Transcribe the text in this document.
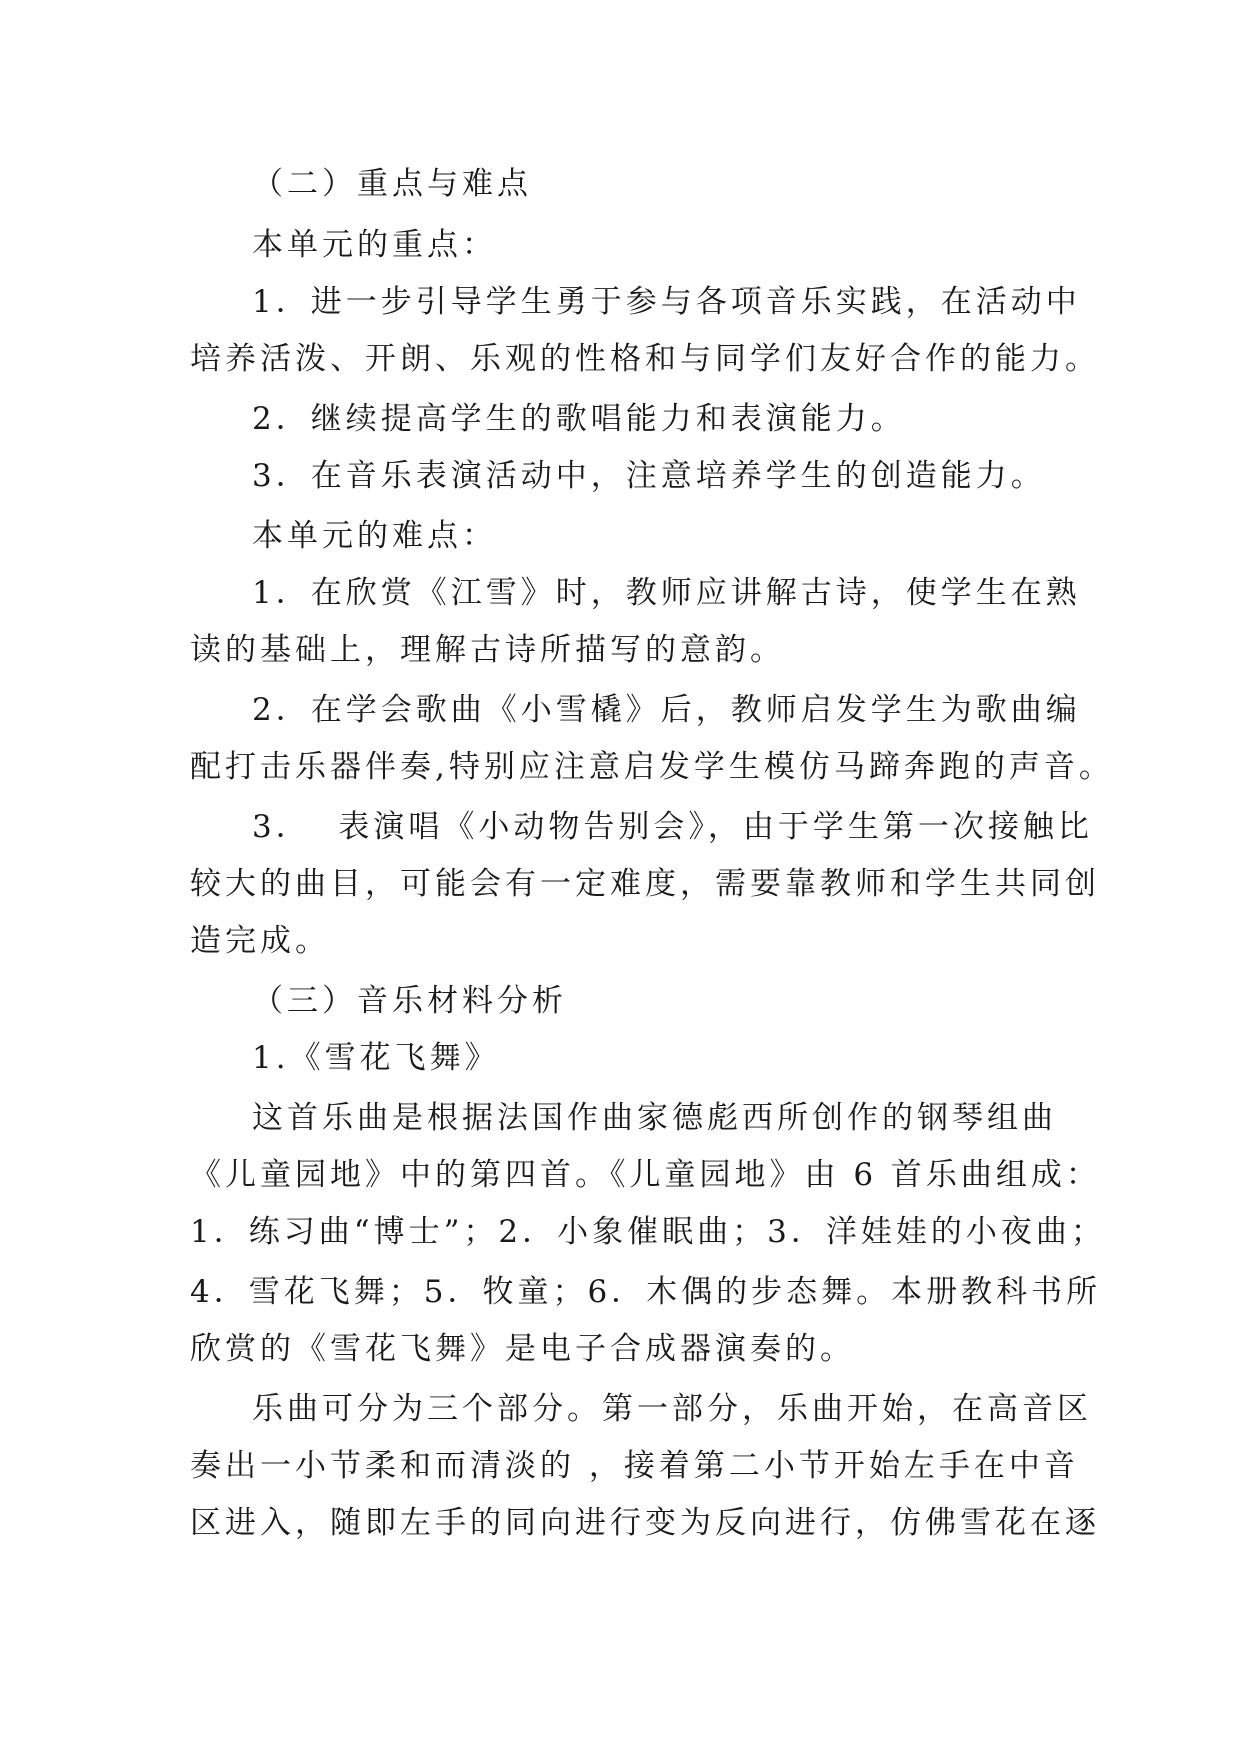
（二）重点与难点
本单元的重点：
1．进一步引导学生勇于参与各项音乐实践，在活动中
培养活泼、开朗、乐观的性格和与同学们友好合作的能力。
2．继续提高学生的歌唱能力和表演能力。
3．在音乐表演活动中，注意培养学生的创造能力。
本单元的难点：
1．在欣赏《江雪》时，教师应讲解古诗，使学生在熟
读的基础上，理解古诗所描写的意韵。
2．在学会歌曲《小雪橇》后，教师启发学生为歌曲编
配打击乐器伴奏,特别应注意启发学生模仿马蹄奔跑的声音。
3．  表演唱《小动物告别会》，由于学生第一次接触比
较大的曲目，可能会有一定难度，需要靠教师和学生共同创
造完成。
（三）音乐材料分析
1.《雪花飞舞》
这首乐曲是根据法国作曲家德彪西所创作的钢琴组曲
《儿童园地》中的第四首。《儿童园地》由 6 首乐曲组成：
1．练习曲“博士”；2．小象催眠曲；3．洋娃娃的小夜曲；
4．雪花飞舞；5．牧童；6．木偶的步态舞。本册教科书所
欣赏的《雪花飞舞》是电子合成器演奏的。
乐曲可分为三个部分。第一部分，乐曲开始，在高音区
奏出一小节柔和而清淡的 ，接着第二小节开始左手在中音
区进入，随即左手的同向进行变为反向进行，仿佛雪花在逐
